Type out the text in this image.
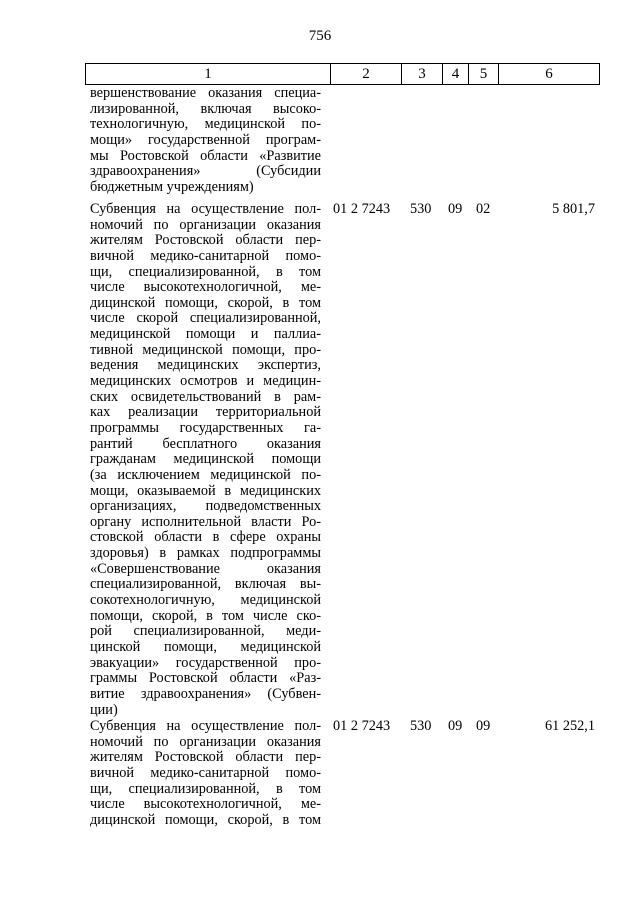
756
1	2	3	4	5	6
вершенствование оказания специа-
лизированной, включая высоко-
технологичную, медицинской по-
мощи» государственной програм-
мы Ростовской области «Развитие
здравоохранения» (Субсидии
бюджетным учреждениям)
Субвенция на осуществление пол-
номочий по организации оказания
жителям Ростовской области пер-
вичной медико-санитарной помо-
щи, специализированной, в том
числе высокотехнологичной, ме-
дицинской помощи, скорой, в том
числе скорой специализированной,
медицинской помощи и паллиа-
тивной медицинской помощи, про-
ведения медицинских экспертиз,
медицинских осмотров и медицин-
ских освидетельствований в рам-
ках реализации территориальной
программы государственных га-
рантий бесплатного оказания
гражданам медицинской помощи
(за исключением медицинской по-
мощи, оказываемой в медицинских
организациях, подведомственных
органу исполнительной власти Ро-
стовской области в сфере охраны
здоровья) в рамках подпрограммы
«Совершенствование оказания
специализированной, включая вы-
сокотехнологичную, медицинской
помощи, скорой, в том числе ско-
рой специализированной, меди-
цинской помощи, медицинской
эвакуации» государственной про-
граммы Ростовской области «Раз-
витие здравоохранения» (Субвен-
ции)
01 2 7243 530 09 02	5 801,7
Субвенция на осуществление пол-
номочий по организации оказания
жителям Ростовской области пер-
вичной медико-санитарной помо-
щи, специализированной, в том
числе высокотехнологичной, ме-
дицинской помощи, скорой, в том
01 2 7243 530 09 09	61 252,1
